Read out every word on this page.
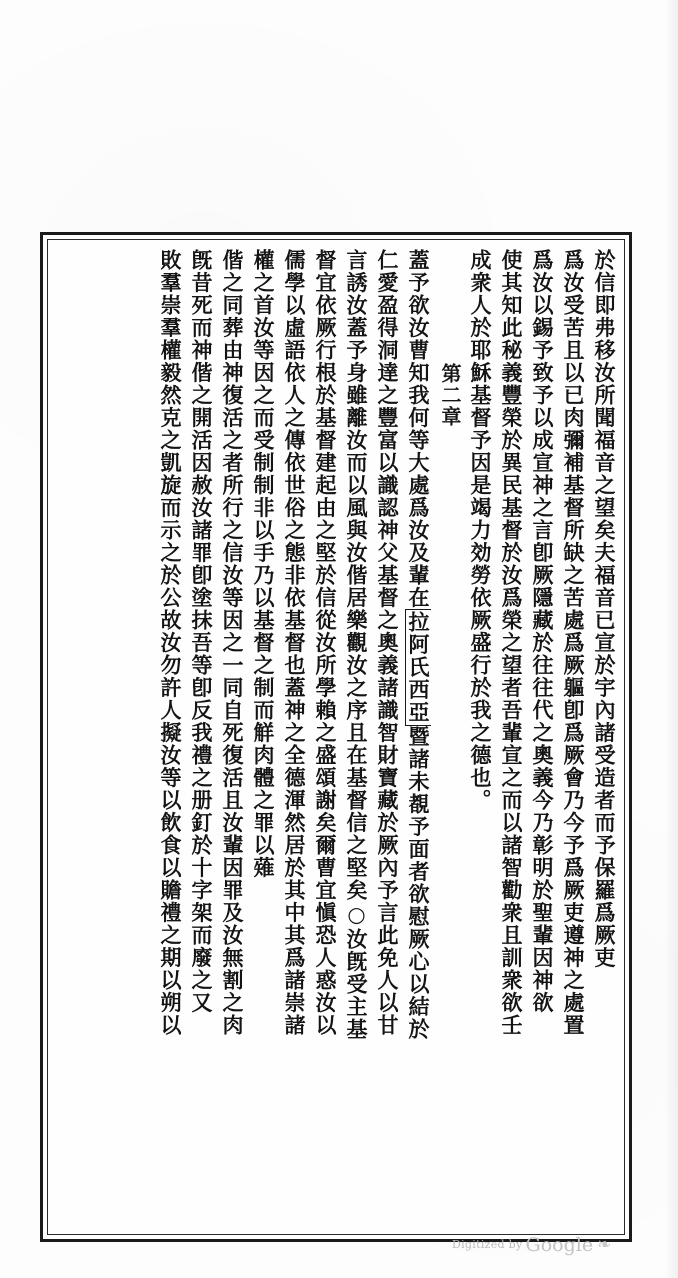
於信即弗移汝所聞福音之望矣夫福音已宣於宇內諸受造者而予保羅爲厥吏
爲汝受苦且以已肉彌補基督所缺之苦處爲厥軀卽爲厥會乃今予爲厥吏遵神之處置
爲汝以錫予致予以成宣神之言卽厥隱藏於往往代之奧義今乃彰明於聖輩因神欲
使其知此秘義豐榮於異民基督於汝爲榮之望者吾輩宣之而以諸智勸衆且訓衆欲壬
成衆人於耶穌基督予因是竭力効勞依厥盛行於我之德也。
第二章
蓋予欲汝曹知我何等大處爲汝及輩在拉阿氏西亞暨諸未覩予面者欲慰厥心以結於
仁愛盈得洞達之豐富以識認神父基督之奧義諸識智財寶藏於厥內予言此免人以甘
言誘汝蓋予身雖離汝而以風與汝偕居樂觀汝之序且在基督信之堅矣○汝旣受主基
督宜依厥行根於基督建起由之堅於信從汝所學賴之盛頌謝矣爾曹宜愼恐人惑汝以
儒學以虛語依人之傳依世俗之態非依基督也蓋神之全德渾然居於其中其爲諸崇諸
權之首汝等因之而受制制非以手乃以基督之制而觧肉體之罪以薙
偕之同葬由神復活之者所行之信汝等因之一同自死復活且汝輩因罪及汝無割之肉
旣昔死而神偕之開活因赦汝諸罪卽塗抹吾等卽反我禮之册釘於十字架而廢之又
敗羣崇羣權毅然克之凱旋而示之於公故汝勿許人擬汝等以飲食以贍禮之期以朔以
Digitized by Google ❧
